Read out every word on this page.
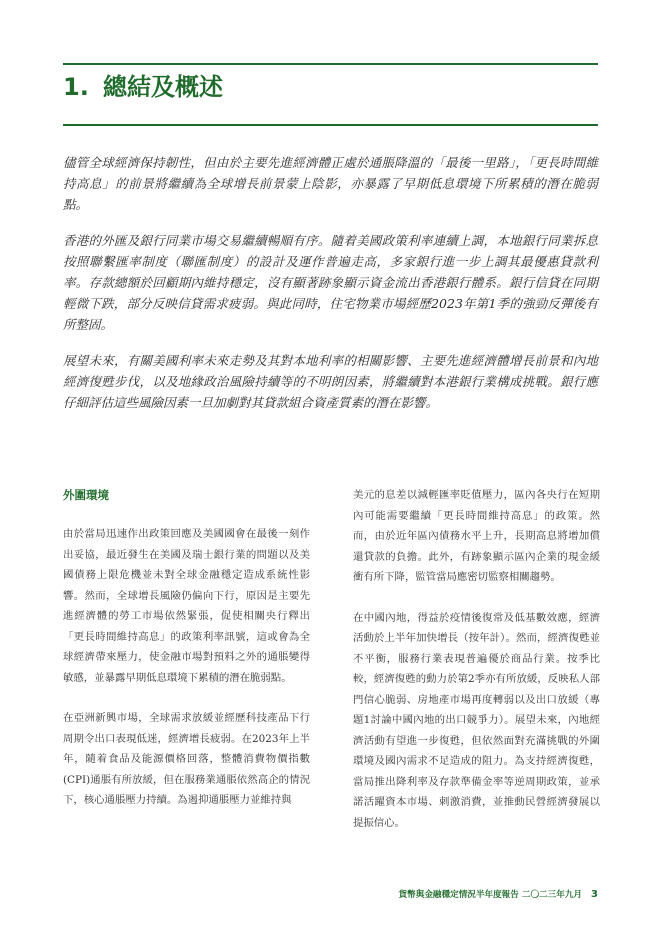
1. 總結及概述

儘管全球經濟保持韌性，但由於主要先進經濟體正處於通脹降溫的「最後一里路」，「更長時間維持高息」的前景將繼續為全球增長前景蒙上陰影，亦暴露了早期低息環境下所累積的潛在脆弱點。

香港的外匯及銀行同業市場交易繼續暢順有序。隨着美國政策利率連續上調，本地銀行同業拆息按照聯繫匯率制度（聯匯制度）的設計及運作普遍走高，多家銀行進一步上調其最優惠貸款利率。存款總額於回顧期內維持穩定，沒有顯著跡象顯示資金流出香港銀行體系。銀行信貸在同期輕微下跌，部分反映信貸需求疲弱。與此同時，住宅物業市場經歷2023年第1季的強勁反彈後有所整固。

展望未來，有關美國利率未來走勢及其對本地利率的相關影響、主要先進經濟體增長前景和內地經濟復甦步伐，以及地緣政治風險持續等的不明朗因素，將繼續對本港銀行業構成挑戰。銀行應仔細評估這些風險因素一旦加劇對其貸款組合資產質素的潛在影響。

外圍環境

由於當局迅速作出政策回應及美國國會在最後一刻作出妥協，最近發生在美國及瑞士銀行業的問題以及美國債務上限危機並未對全球金融穩定造成系統性影響。然而，全球增長風險仍偏向下行，原因是主要先進經濟體的勞工市場依然緊張，促使相關央行釋出「更長時間維持高息」的政策利率訊號，這或會為全球經濟帶來壓力，使金融市場對預料之外的通脹變得敏感，並暴露早期低息環境下累積的潛在脆弱點。

在亞洲新興市場，全球需求放緩並經歷科技產品下行周期令出口表現低迷，經濟增長疲弱。在2023年上半年，隨着食品及能源價格回落，整體消費物價指數(CPI)通脹有所放緩，但在服務業通脹依然高企的情況下，核心通脹壓力持續。為遏抑通脹壓力並維持與

美元的息差以減輕匯率貶值壓力，區內各央行在短期內可能需要繼續「更長時間維持高息」的政策。然而，由於近年區內債務水平上升，長期高息將增加償還貸款的負擔。此外，有跡象顯示區內企業的現金緩衝有所下降，監管當局應密切監察相關趨勢。

在中國內地，得益於疫情後復常及低基數效應，經濟活動於上半年加快增長（按年計）。然而，經濟復甦並不平衡，服務行業表現普遍優於商品行業。按季比較，經濟復甦的動力於第2季亦有所放緩，反映私人部門信心脆弱、房地產市場再度轉弱以及出口放緩（專題1討論中國內地的出口競爭力）。展望未來，內地經濟活動有望進一步復甦，但依然面對充滿挑戰的外圍環境及國內需求不足造成的阻力。為支持經濟復甦，當局推出降利率及存款準備金率等逆周期政策，並承諾活躍資本市場、刺激消費，並推動民營經濟發展以提振信心。

貨幣與金融穩定情況半年度報告 二〇二三年九月 3
